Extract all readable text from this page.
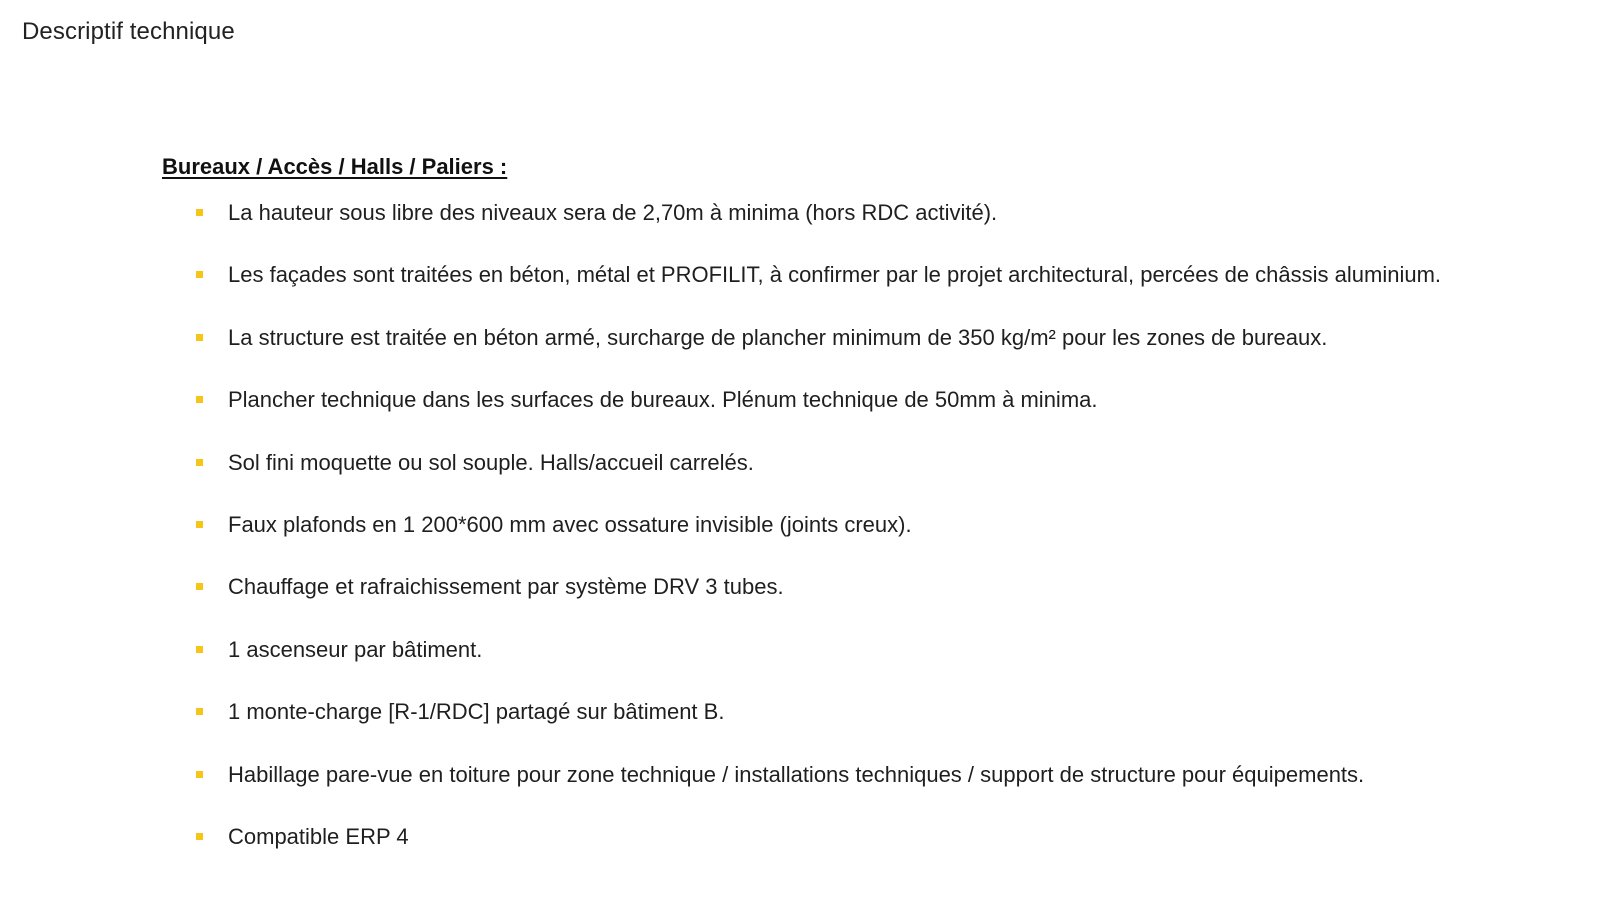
Descriptif technique
Bureaux / Accès / Halls / Paliers :
La hauteur sous libre des niveaux sera de 2,70m à minima (hors RDC activité).
Les façades sont traitées en béton, métal et PROFILIT, à confirmer par le projet architectural, percées de châssis aluminium.
La structure est traitée en béton armé, surcharge de plancher minimum de 350 kg/m² pour les zones de bureaux.
Plancher technique dans les surfaces de bureaux. Plénum technique de 50mm à minima.
Sol fini moquette ou sol souple. Halls/accueil carrelés.
Faux plafonds en 1 200*600 mm avec ossature invisible (joints creux).
Chauffage et rafraichissement par système DRV 3 tubes.
1 ascenseur par bâtiment.
1 monte-charge [R-1/RDC] partagé sur bâtiment B.
Habillage pare-vue en toiture pour zone technique / installations techniques / support de structure pour équipements.
Compatible ERP 4
